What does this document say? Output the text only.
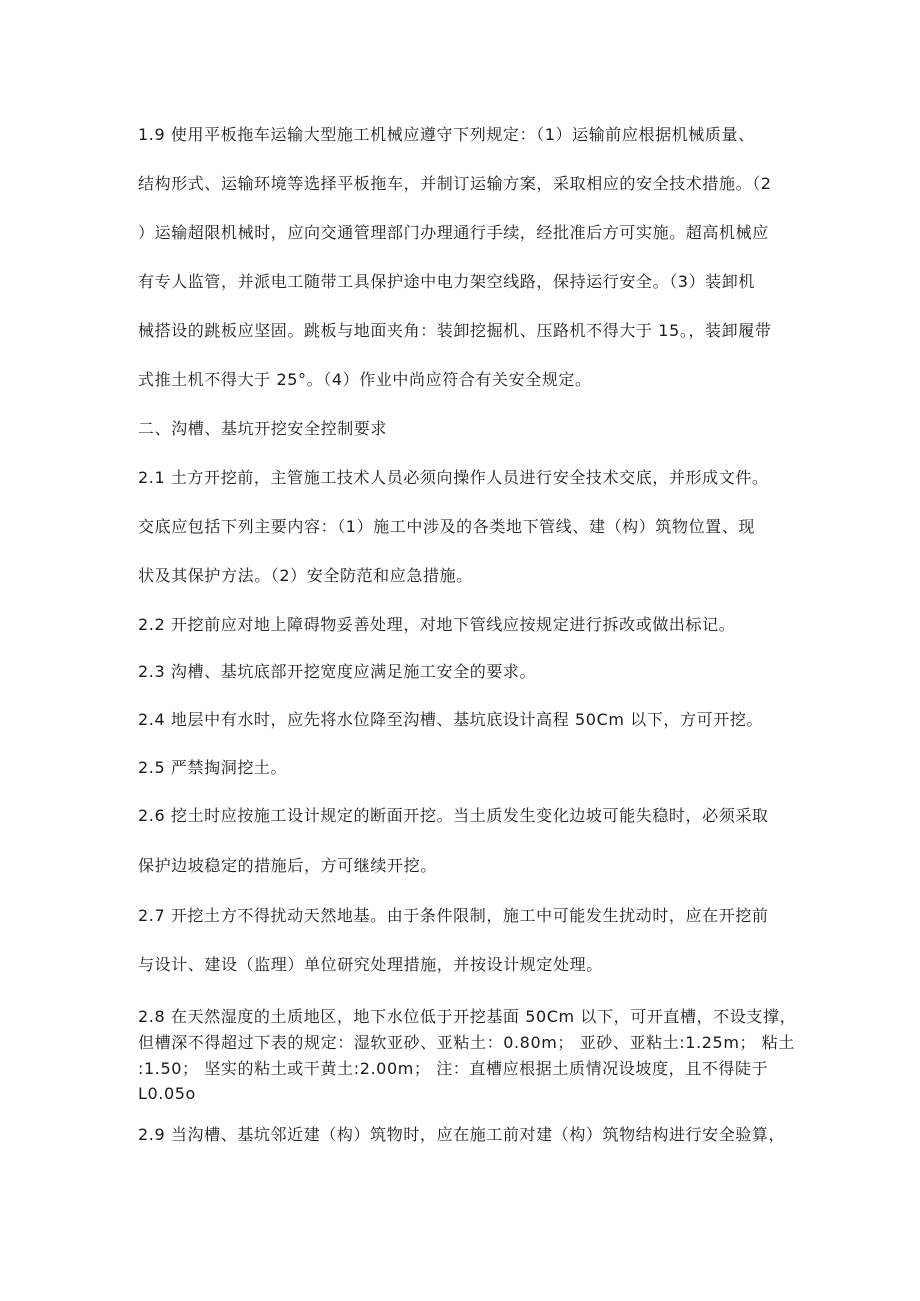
1.9 使用平板拖车运输大型施工机械应遵守下列规定：（1）运输前应根据机械质量、

结构形式、运输环境等选择平板拖车，并制订运输方案，采取相应的安全技术措施。（2

）运输超限机械时，应向交通管理部门办理通行手续，经批准后方可实施。超高机械应

有专人监管，并派电工随带工具保护途中电力架空线路，保持运行安全。（3）装卸机

械搭设的跳板应坚固。跳板与地面夹角：装卸挖掘机、压路机不得大于 15。，装卸履带

式推土机不得大于 25°。（4）作业中尚应符合有关安全规定。

二、沟槽、基坑开挖安全控制要求

2.1 土方开挖前，主管施工技术人员必须向操作人员进行安全技术交底，并形成文件。

交底应包括下列主要内容：（1）施工中涉及的各类地下管线、建（构）筑物位置、现

状及其保护方法。（2）安全防范和应急措施。

2.2 开挖前应对地上障碍物妥善处理，对地下管线应按规定进行拆改或做出标记。

2.3 沟槽、基坑底部开挖宽度应满足施工安全的要求。

2.4 地层中有水时，应先将水位降至沟槽、基坑底设计高程 50Cm 以下，方可开挖。

2.5 严禁掏洞挖土。

2.6 挖土时应按施工设计规定的断面开挖。当土质发生变化边坡可能失稳时，必须采取

保护边坡稳定的措施后，方可继续开挖。

2.7 开挖土方不得扰动天然地基。由于条件限制，施工中可能发生扰动时，应在开挖前

与设计、建设（监理）单位研究处理措施，并按设计规定处理。

2.8 在天然湿度的土质地区，地下水位低于开挖基面 50Cm 以下，可开直槽，不设支撑，

但槽深不得超过下表的规定：湿软亚砂、亚粘土：0.80m； 亚砂、亚粘土:1.25m； 粘土

:1.50； 坚实的粘土或干黄土:2.00m； 注：直槽应根据土质情况设坡度，且不得陡于

L0.05o

2.9 当沟槽、基坑邻近建（构）筑物时，应在施工前对建（构）筑物结构进行安全验算，
